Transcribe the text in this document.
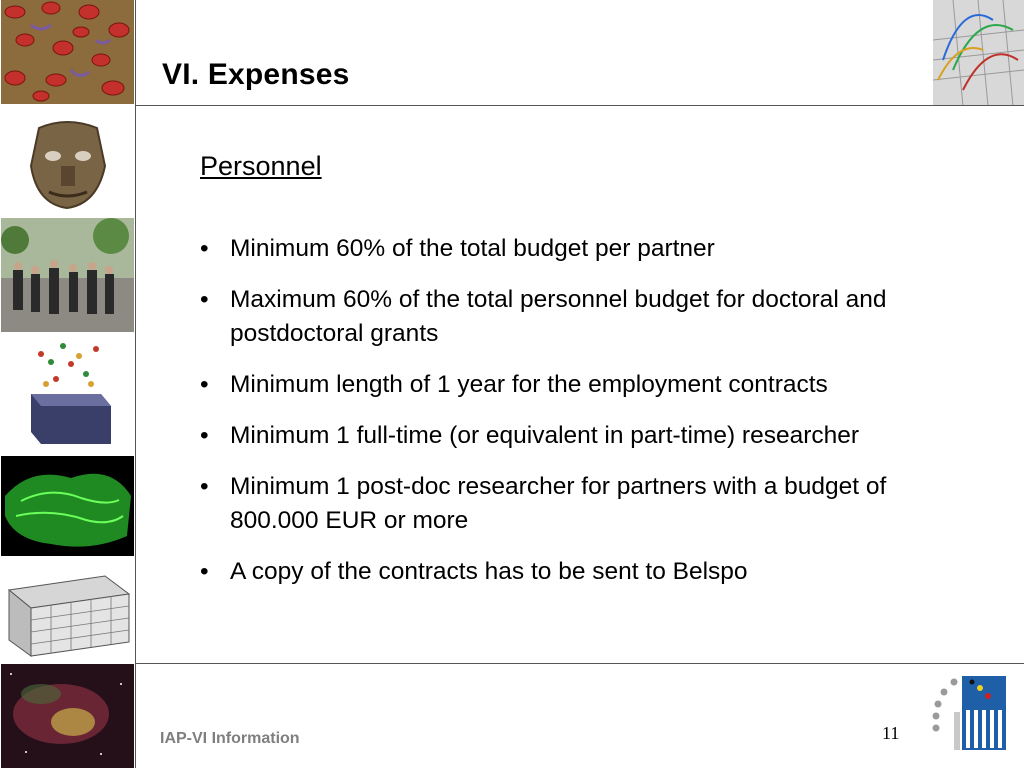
VI. Expenses
Personnel
• Minimum 60% of the total budget per partner
• Maximum 60% of the total personnel budget for doctoral and postdoctoral grants
• Minimum length of 1 year for the employment contracts
• Minimum 1 full-time (or equivalent in part-time) researcher
• Minimum 1 post-doc researcher for partners with a budget of 800.000 EUR or more
• A copy of the contracts has to be sent to Belspo
IAP-VI Information	11
